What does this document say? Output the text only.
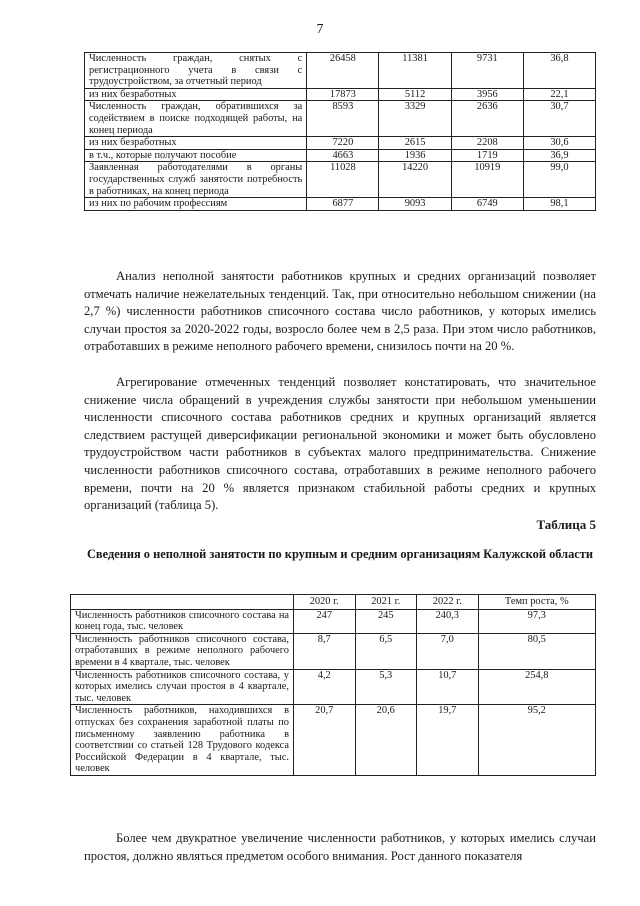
7
Численность граждан, снятых с регистрационного учета в связи с трудоустройством, за отчетный период	26458	11381	9731	36,8
из них безработных	17873	5112	3956	22,1
Численность граждан, обратившихся за содействием в поиске подходящей работы, на конец периода	8593	3329	2636	30,7
из них безработных	7220	2615	2208	30,6
в т.ч., которые получают пособие	4663	1936	1719	36,9
Заявленная работодателями в органы государственных служб занятости потребность в работниках, на конец периода	11028	14220	10919	99,0
из них по рабочим профессиям	6877	9093	6749	98,1

Анализ неполной занятости работников крупных и средних организаций позволяет отмечать наличие нежелательных тенденций. Так, при относительно небольшом снижении (на 2,7 %) численности работников списочного состава число работников, у которых имелись случаи простоя за 2020-2022 годы, возросло более чем в 2,5 раза. При этом число работников, отработавших в режиме неполного рабочего времени, снизилось почти на 20 %.

Агрегирование отмеченных тенденций позволяет констатировать, что значительное снижение числа обращений в учреждения службы занятости при небольшом уменьшении численности списочного состава работников средних и крупных организаций является следствием растущей диверсификации региональной экономики и может быть обусловлено трудоустройством части работников в субъектах малого предпринимательства. Снижение численности работников списочного состава, отработавших в режиме неполного рабочего времени, почти на 20 % является признаком стабильной работы средних и крупных организаций (таблица 5).

Таблица 5
Сведения о неполной занятости по крупным и средним организациям Калужской области
	2020 г.	2021 г.	2022 г.	Темп роста, %
Численность работников списочного состава на конец года, тыс. человек	247	245	240,3	97,3
Численность работников списочного состава, отработавших в режиме неполного рабочего времени в 4 квартале, тыс. человек	8,7	6,5	7,0	80,5
Численность работников списочного состава, у которых имелись случаи простоя в 4 квартале, тыс. человек	4,2	5,3	10,7	254,8
Численность работников, находившихся в отпусках без сохранения заработной платы по письменному заявлению работника в соответствии со статьей 128 Трудового кодекса Российской Федерации в 4 квартале, тыс. человек	20,7	20,6	19,7	95,2

Более чем двукратное увеличение численности работников, у которых имелись случаи простоя, должно являться предметом особого внимания. Рост данного показателя
